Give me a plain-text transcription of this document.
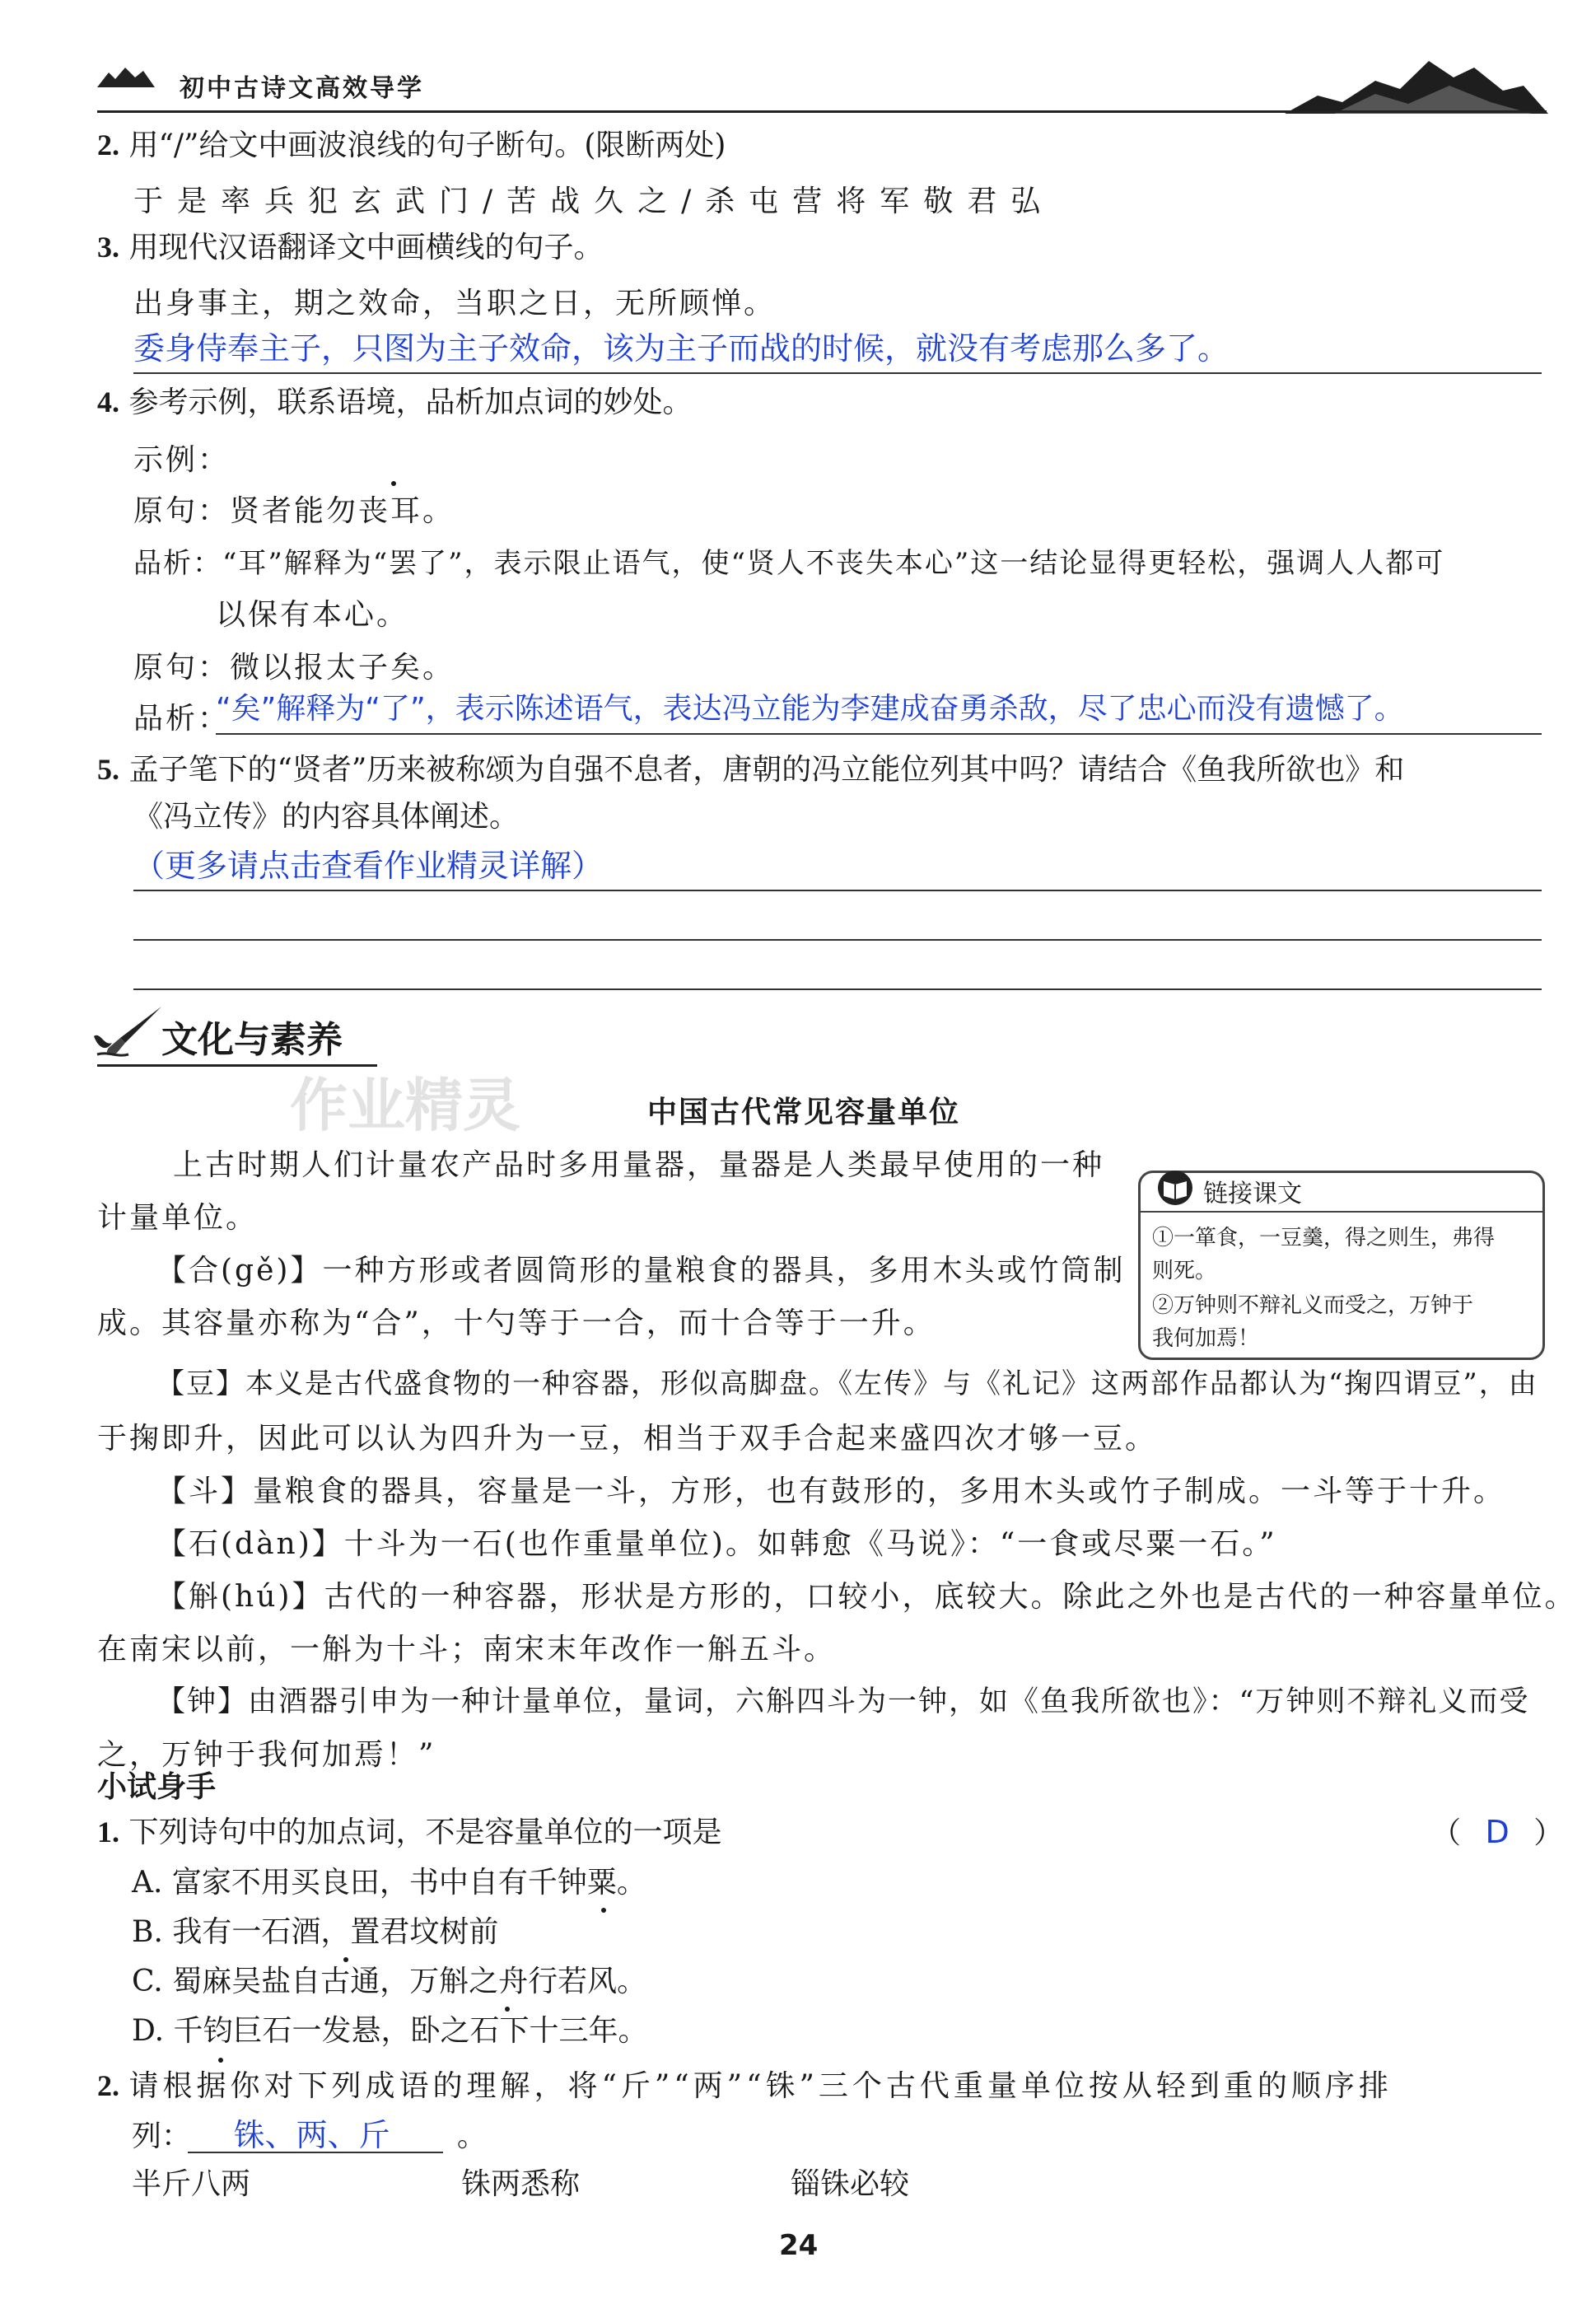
初中古诗文高效导学
2. 用“/”给文中画波浪线的句子断句。(限断两处)
于是率兵犯玄武门/苦战久之/杀屯营将军敬君弘
3. 用现代汉语翻译文中画横线的句子。
出身事主，期之效命，当职之日，无所顾惮。
委身侍奉主子，只图为主子效命，该为主子而战的时候，就没有考虑那么多了。
4. 参考示例，联系语境，品析加点词的妙处。
示例：
原句：贤者能勿丧耳。
品析：“耳”解释为“罢了”，表示限止语气，使“贤人不丧失本心”这一结论显得更轻松，强调人人都可
以保有本心。
原句：微以报太子矣。
品析：
“矣”解释为“了”，表示陈述语气，表达冯立能为李建成奋勇杀敌，尽了忠心而没有遗憾了。
5. 孟子笔下的“贤者”历来被称颂为自强不息者，唐朝的冯立能位列其中吗？请结合《鱼我所欲也》和
《冯立传》的内容具体阐述。
（更多请点击查看作业精灵详解）
文化与素养
作业精灵	中国古代常见容量单位
上古时期人们计量农产品时多用量器，量器是人类最早使用的一种
计量单位。
【合(gě)】一种方形或者圆筒形的量粮食的器具，多用木头或竹筒制
成。其容量亦称为“合”，十勺等于一合，而十合等于一升。
链接课文
①一箪食，一豆羹，得之则生，弗得
则死。
②万钟则不辩礼义而受之，万钟于
我何加焉！
【豆】本义是古代盛食物的一种容器，形似高脚盘。《左传》与《礼记》这两部作品都认为“掬四谓豆”，由
于掬即升，因此可以认为四升为一豆，相当于双手合起来盛四次才够一豆。
【斗】量粮食的器具，容量是一斗，方形，也有鼓形的，多用木头或竹子制成。一斗等于十升。
【石(dàn)】十斗为一石(也作重量单位)。如韩愈《马说》：“一食或尽粟一石。”
【斛(hú)】古代的一种容器，形状是方形的，口较小，底较大。除此之外也是古代的一种容量单位。
在南宋以前，一斛为十斗；南宋末年改作一斛五斗。
【钟】由酒器引申为一种计量单位，量词，六斛四斗为一钟，如《鱼我所欲也》：“万钟则不辩礼义而受
之，万钟于我何加焉！”
小试身手
1. 下列诗句中的加点词，不是容量单位的一项是	（ D ）
A. 富家不用买良田，书中自有千钟粟。
B. 我有一石酒，置君坟树前
C. 蜀麻吴盐自古通，万斛之舟行若风。
D. 千钧巨石一发悬，卧之石下十三年。
2. 请根据你对下列成语的理解，将“斤”“两”“铢”三个古代重量单位按从轻到重的顺序排
列： 铢、两、斤 。
半斤八两	铢两悉称	锱铢必较
24
